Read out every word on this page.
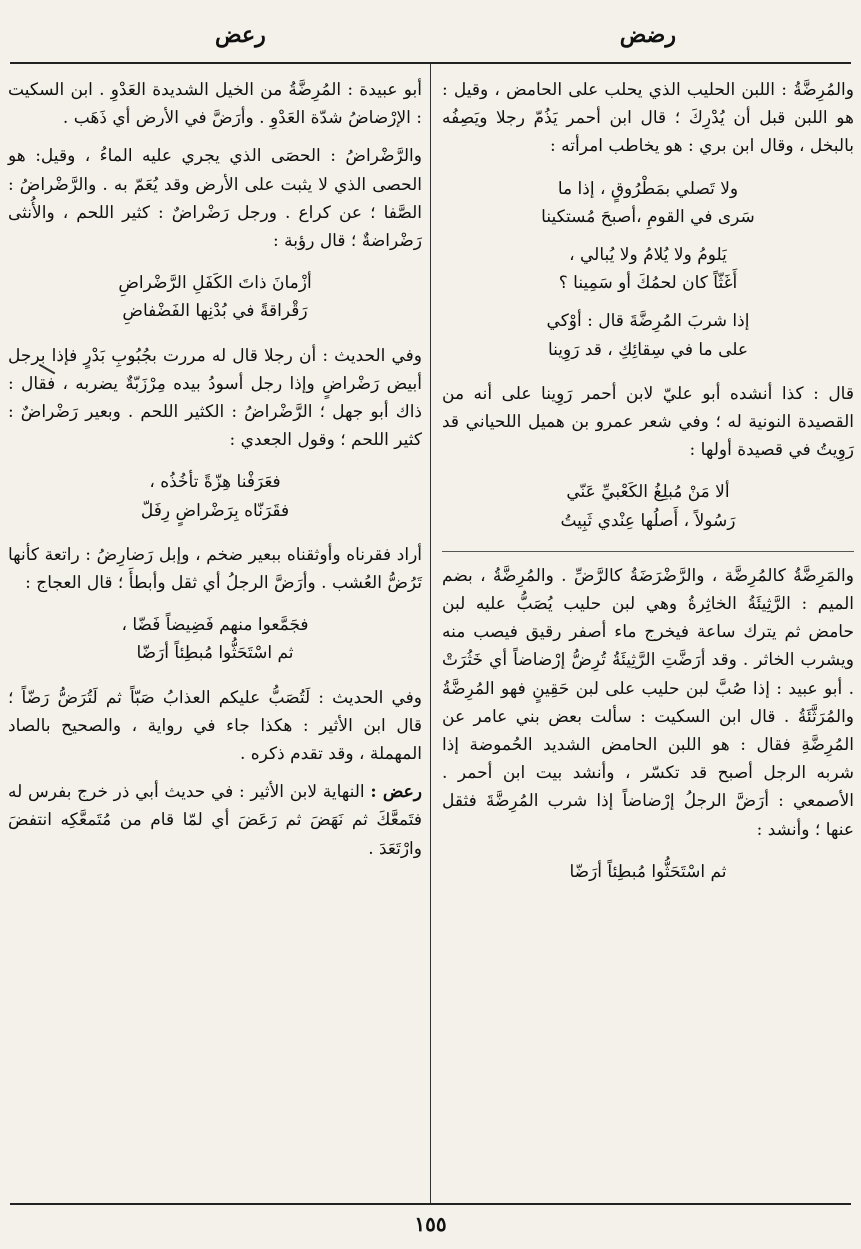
رضض
رعض

والمُرِضَّةُ : اللبن الحليب الذي يحلب على الحامض ، وقيل : هو اللبن قبل أن يُدْرِكَ ؛ قال ابن أحمر يَذُمّ رجلا ويَصِفُه بالبخل ، وقال ابن بري : هو يخاطب امرأته :

ولا تَصلي بمَطْرُوقٍ ، إذا ما
سَرى في القومِ ،أصبحَ مُستكينا
يَلومُ ولا يُلامُ ولا يُبالي ،
أَغَثّاً كان لحمُكَ أو سَمِينا ؟
إذا شربَ المُرِضَّةَ قال : أوْكي
على ما في سِقائِكِ ، قد رَوِينا

قال : كذا أنشده أبو عليّ لابن أحمر رَوِينا على أنه من القصيدة النونية له ؛ وفي شعر عمرو بن هميل اللحياني قد رَوِيتُ في قصيدة أولها :

ألا مَنْ مُبلِغُ الكَعْبيِّ عَنّي
رَسُولاً ، أَصلُها عِنْدي ثَبِيتُ

والمَرِضَّةُ كالمُرِضَّة ، والرَّضْرَضَةُ كالرَّضِّ . والمُرِضَّةُ ، بضم الميم : الرَّثِيئَةُ الخاثِرةُ وهي لبن حليب يُصَبُّ عليه لبن حامض ثم يترك ساعة فيخرج ماء أصفر رقيق فيصب منه ويشرب الخاثر . وقد أرَضَّتِ الرَّثِيئَةُ تُرِضُّ إرْضاضاً أي خَثُرَتْ . أبو عبيد : إذا صُبَّ لبن حليب على لبن حَقِينٍ فهو المُرِضَّةُ والمُرَثَّئَةُ . قال ابن السكيت : سألت بعض بني عامر عن المُرِضَّةِ فقال : هو اللبن الحامض الشديد الحُموضة إذا شربه الرجل أصبح قد تكسّر ، وأنشد بيت ابن أحمر . الأصمعي : أرَضَّ الرجلُ إرْضاضاً إذا شرب المُرِضَّةَ فثقل عنها ؛ وأنشد :

ثم اسْتَحَثُّوا مُبطِئاً أرَضّا

أبو عبيدة : المُرِضَّةُ من الخيل الشديدة العَدْوِ . ابن السكيت : الإرْضاضُ شدّة العَدْوِ . وأرَضَّ في الأرض أي ذَهَب .

والرَّضْراضُ : الحصَى الذي يجري عليه الماءُ ، وقيل: هو الحصى الذي لا يثبت على الأرض وقد يُعَمّ به . والرَّضْراضُ : الصَّفا ؛ عن كراع . ورجل رَضْراضٌ : كثير اللحم ، والأُنثى رَضْراضةٌ ؛ قال رؤبة :

أزْمانَ ذاتَ الكَفَلِ الرَّضْراضِ
رَقْراقةً في بُدْنِها الفَضْفاضِ

وفي الحديث : أن رجلا قال له مررت بجُبُوبِ بَدْرٍ فإذا برجل أبيض رَضْراضٍ وإذا رجل أسودُ بيده مِرْزَبّةٌ يضربه ، فقال : ذاك أبو جهل ؛ الرَّضْراضُ : الكثير اللحم . وبعير رَضْراضٌ : كثير اللحم ؛ وقول الجعدي :

فعَرَفْنا هِزّةً تأخُذُه ،
فقَرَنّاه بِرَضْراضٍ رِفَلّ

أراد فقرناه وأوثقناه ببعير ضخم ، وإبل رَضارِضُ : راتعة كأنها تَرُضُّ العُشب . وأرَضَّ الرجلُ أي ثقل وأبطأَ ؛ قال العجاج :

فجَمَّعوا منهم فَضِيضاً فَضّا ،
ثم اسْتَحَثُّوا مُبطِئاً أرَضّا

وفي الحديث : لَتُصَبُّ عليكم العذابُ صَبّاً ثم لَتُرَضُّ رَضّاً ؛ قال ابن الأثير : هكذا جاء في رواية ، والصحيح بالصاد المهملة ، وقد تقدم ذكره .

رعض : النهاية لابن الأثير : في حديث أبي ذر خرج بفرس له فتَمعَّكَ ثم نَهَضَ ثم رَعَضَ أي لمّا قام من مُتَمعَّكِه انتفضَ وارْتَعَدَ .

١٥٥
